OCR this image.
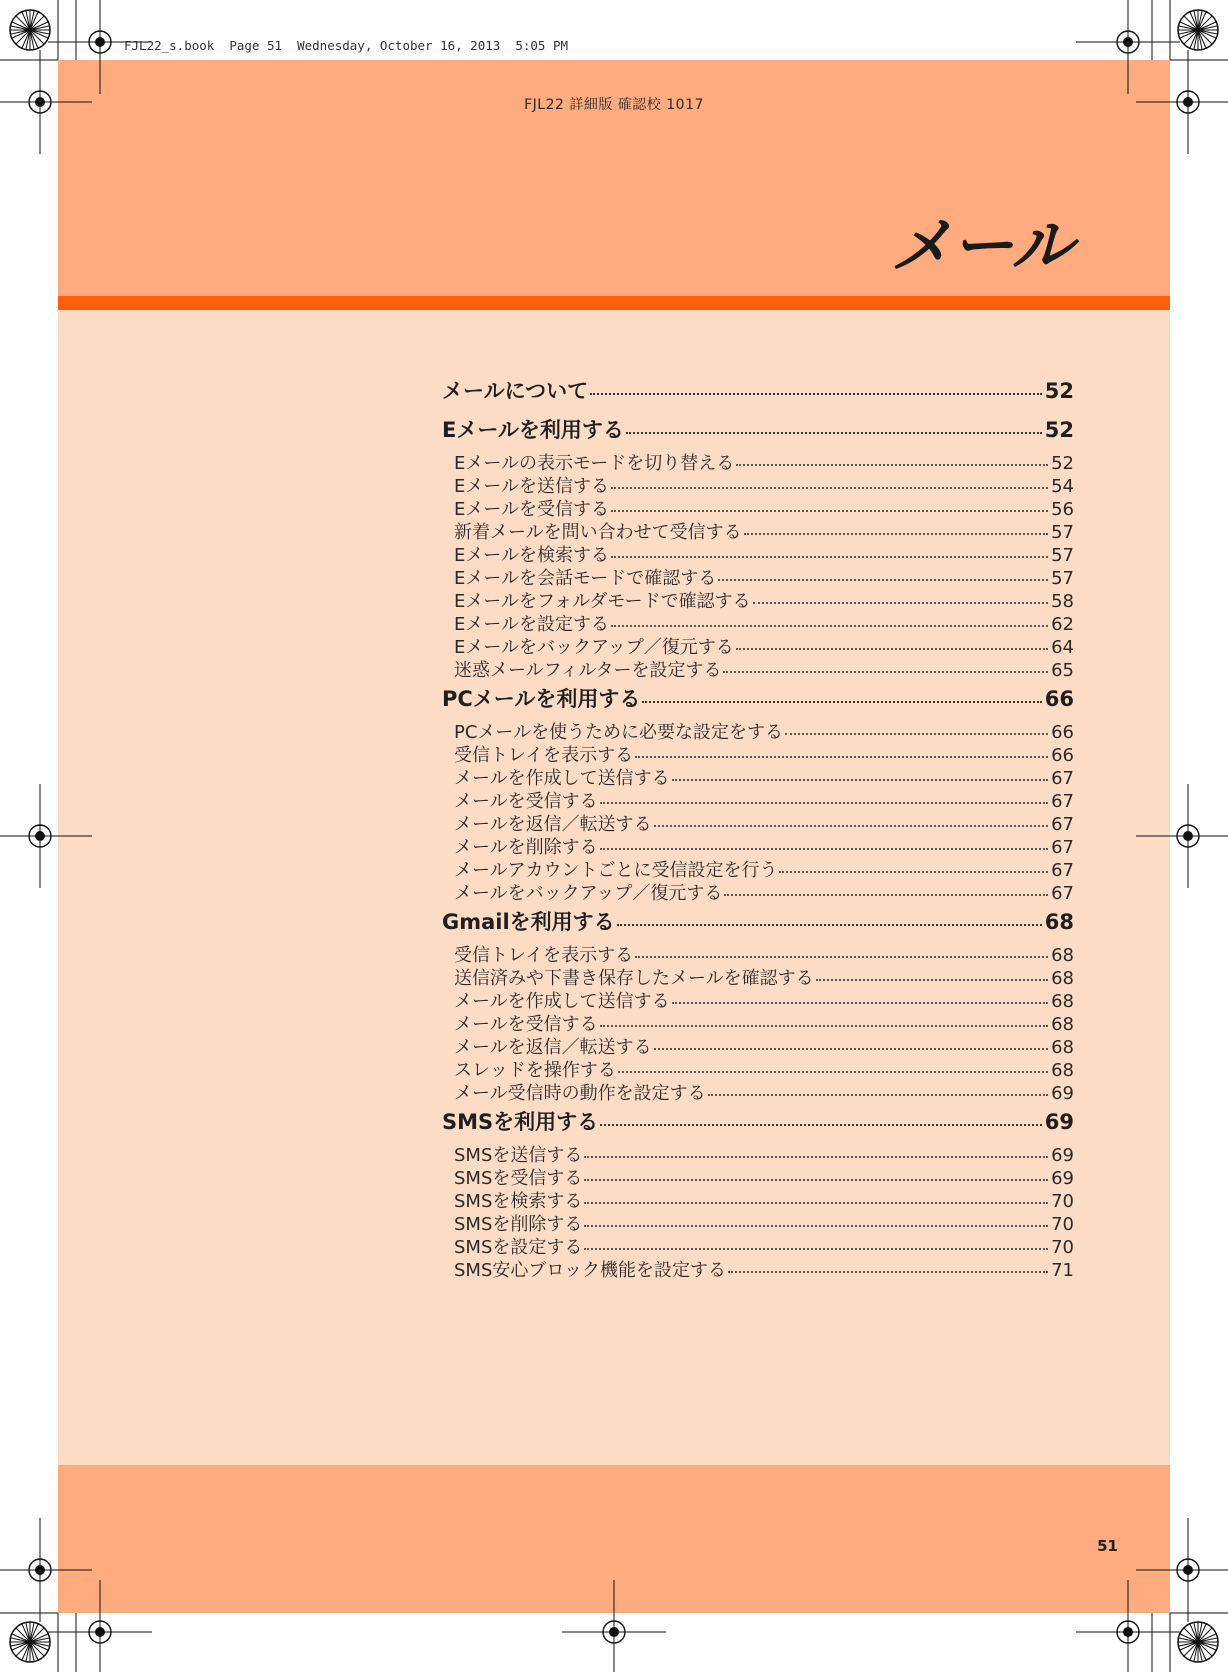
FJL22_s.book  Page 51  Wednesday, October 16, 2013  5:05 PM
FJL22 詳細版 確認校 1017
メール
メールについて	52
Eメールを利用する	52
Eメールの表示モードを切り替える	52
Eメールを送信する	54
Eメールを受信する	56
新着メールを問い合わせて受信する	57
Eメールを検索する	57
Eメールを会話モードで確認する	57
Eメールをフォルダモードで確認する	58
Eメールを設定する	62
Eメールをバックアップ／復元する	64
迷惑メールフィルターを設定する	65
PCメールを利用する	66
PCメールを使うために必要な設定をする	66
受信トレイを表示する	66
メールを作成して送信する	67
メールを受信する	67
メールを返信／転送する	67
メールを削除する	67
メールアカウントごとに受信設定を行う	67
メールをバックアップ／復元する	67
Gmailを利用する	68
受信トレイを表示する	68
送信済みや下書き保存したメールを確認する	68
メールを作成して送信する	68
メールを受信する	68
メールを返信／転送する	68
スレッドを操作する	68
メール受信時の動作を設定する	69
SMSを利用する	69
SMSを送信する	69
SMSを受信する	69
SMSを検索する	70
SMSを削除する	70
SMSを設定する	70
SMS安心ブロック機能を設定する	71
51
